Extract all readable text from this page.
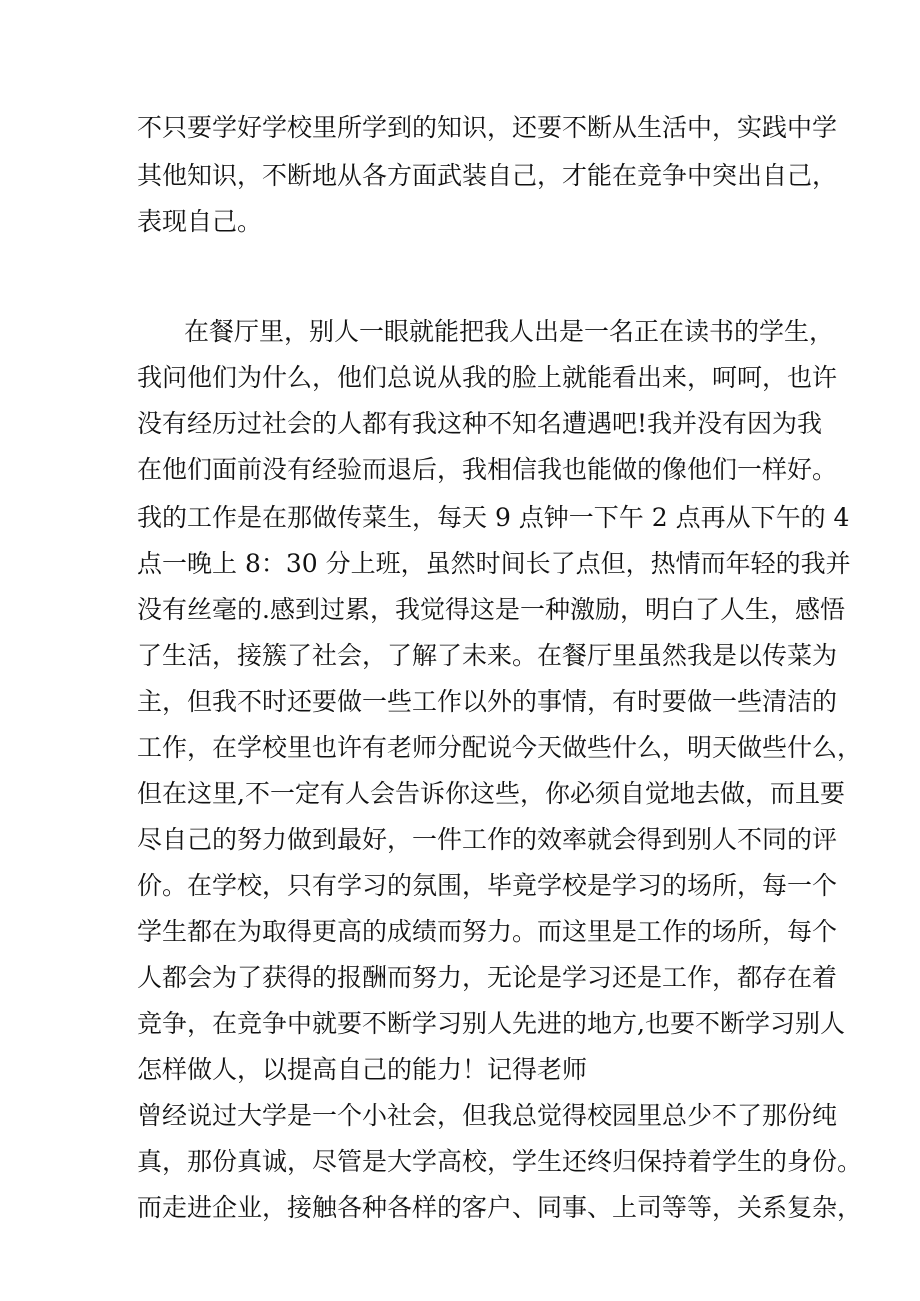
不只要学好学校里所学到的知识，还要不断从生活中，实践中学
其他知识，不断地从各方面武装自己，才能在竞争中突出自己，
表现自己。
在餐厅里，别人一眼就能把我人出是一名正在读书的学生，
我问他们为什么，他们总说从我的脸上就能看出来，呵呵，也许
没有经历过社会的人都有我这种不知名遭遇吧!我并没有因为我
在他们面前没有经验而退后，我相信我也能做的像他们一样好。
我的工作是在那做传菜生，每天 9 点钟一下午 2 点再从下午的 4
点一晚上 8：30 分上班，虽然时间长了点但，热情而年轻的我并
没有丝毫的.感到过累，我觉得这是一种激励，明白了人生，感悟
了生活，接簇了社会，了解了未来。在餐厅里虽然我是以传菜为
主，但我不时还要做一些工作以外的事情，有时要做一些清洁的
工作，在学校里也许有老师分配说今天做些什么，明天做些什么，
但在这里,不一定有人会告诉你这些，你必须自觉地去做，而且要
尽自己的努力做到最好，一件工作的效率就会得到别人不同的评
价。在学校，只有学习的氛围，毕竟学校是学习的场所，每一个
学生都在为取得更高的成绩而努力。而这里是工作的场所，每个
人都会为了获得的报酬而努力，无论是学习还是工作，都存在着
竞争，在竞争中就要不断学习别人先进的地方,也要不断学习别人
怎样做人，以提高自己的能力！记得老师
曾经说过大学是一个小社会，但我总觉得校园里总少不了那份纯
真，那份真诚，尽管是大学高校，学生还终归保持着学生的身份。
而走进企业，接触各种各样的客户、同事、上司等等，关系复杂，
